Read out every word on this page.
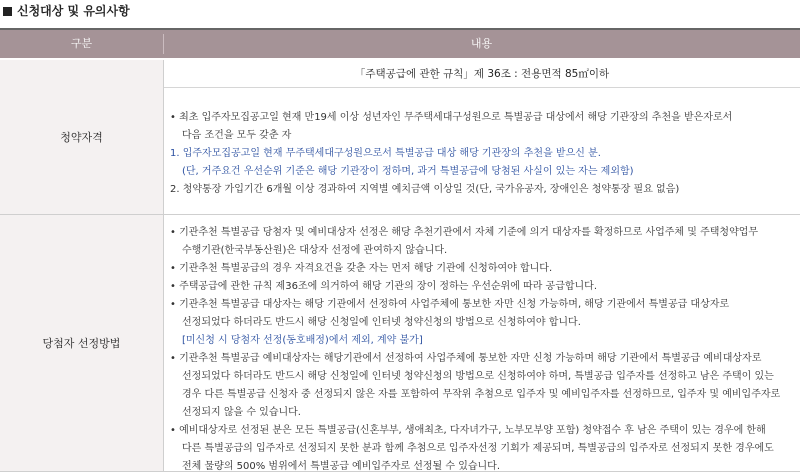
신청대상 및 유의사항
구분	내용
청약자격
「주택공급에 관한 규칙」제 36조 : 전용면적 85㎡이하
• 최초 입주자모집공고일 현재 만19세 이상 성년자인 무주택세대구성원으로 특별공급 대상에서 해당 기관장의 추천을 받은자로서
다음 조건을 모두 갖춘 자
1. 입주자모집공고일 현재 무주택세대구성원으로서 특별공급 대상 해당 기관장의 추천을 받으신 분.
(단, 거주요건 우선순위 기준은 해당 기관장이 정하며, 과거 특별공급에 당첨된 사실이 있는 자는 제외함)
2. 청약통장 가입기간 6개월 이상 경과하여 지역별 예치금액 이상일 것(단, 국가유공자, 장애인은 청약통장 필요 없음)
당첨자 선정방법
• 기관추천 특별공급 당첨자 및 예비대상자 선정은 해당 추천기관에서 자체 기준에 의거 대상자를 확정하므로 사업주체 및 주택청약업무
수행기관(한국부동산원)은 대상자 선정에 관여하지 않습니다.
• 기관추천 특별공급의 경우 자격요건을 갖춘 자는 먼저 해당 기관에 신청하여야 합니다.
• 주택공급에 관한 규칙 제36조에 의거하여 해당 기관의 장이 정하는 우선순위에 따라 공급합니다.
• 기관추천 특별공급 대상자는 해당 기관에서 선정하여 사업주체에 통보한 자만 신청 가능하며, 해당 기관에서 특별공급 대상자로
선정되었다 하더라도 반드시 해당 신청일에 인터넷 청약신청의 방법으로 신청하여야 합니다.
[미신청 시 당첨자 선정(동호배정)에서 제외, 계약 불가]
• 기관추천 특별공급 예비대상자는 해당기관에서 선정하여 사업주체에 통보한 자만 신청 가능하며 해당 기관에서 특별공급 예비대상자로
선정되었다 하더라도 반드시 해당 신청일에 인터넷 청약신청의 방법으로 신청하여야 하며, 특별공급 입주자를 선정하고 남은 주택이 있는
경우 다른 특별공급 신청자 중 선정되지 않은 자를 포함하여 무작위 추첨으로 입주자 및 예비입주자를 선정하므로, 입주자 및 예비입주자로
선정되지 않을 수 있습니다.
• 예비대상자로 선정된 분은 모든 특별공급(신혼부부, 생애최초, 다자녀가구, 노부모부양 포함) 청약접수 후 남은 주택이 있는 경우에 한해
다른 특별공급의 입주자로 선정되지 못한 분과 함께 추첨으로 입주자선정 기회가 제공되며, 특별공급의 입주자로 선정되지 못한 경우에도
전체 물량의 500% 범위에서 특별공급 예비입주자로 선정될 수 있습니다.
